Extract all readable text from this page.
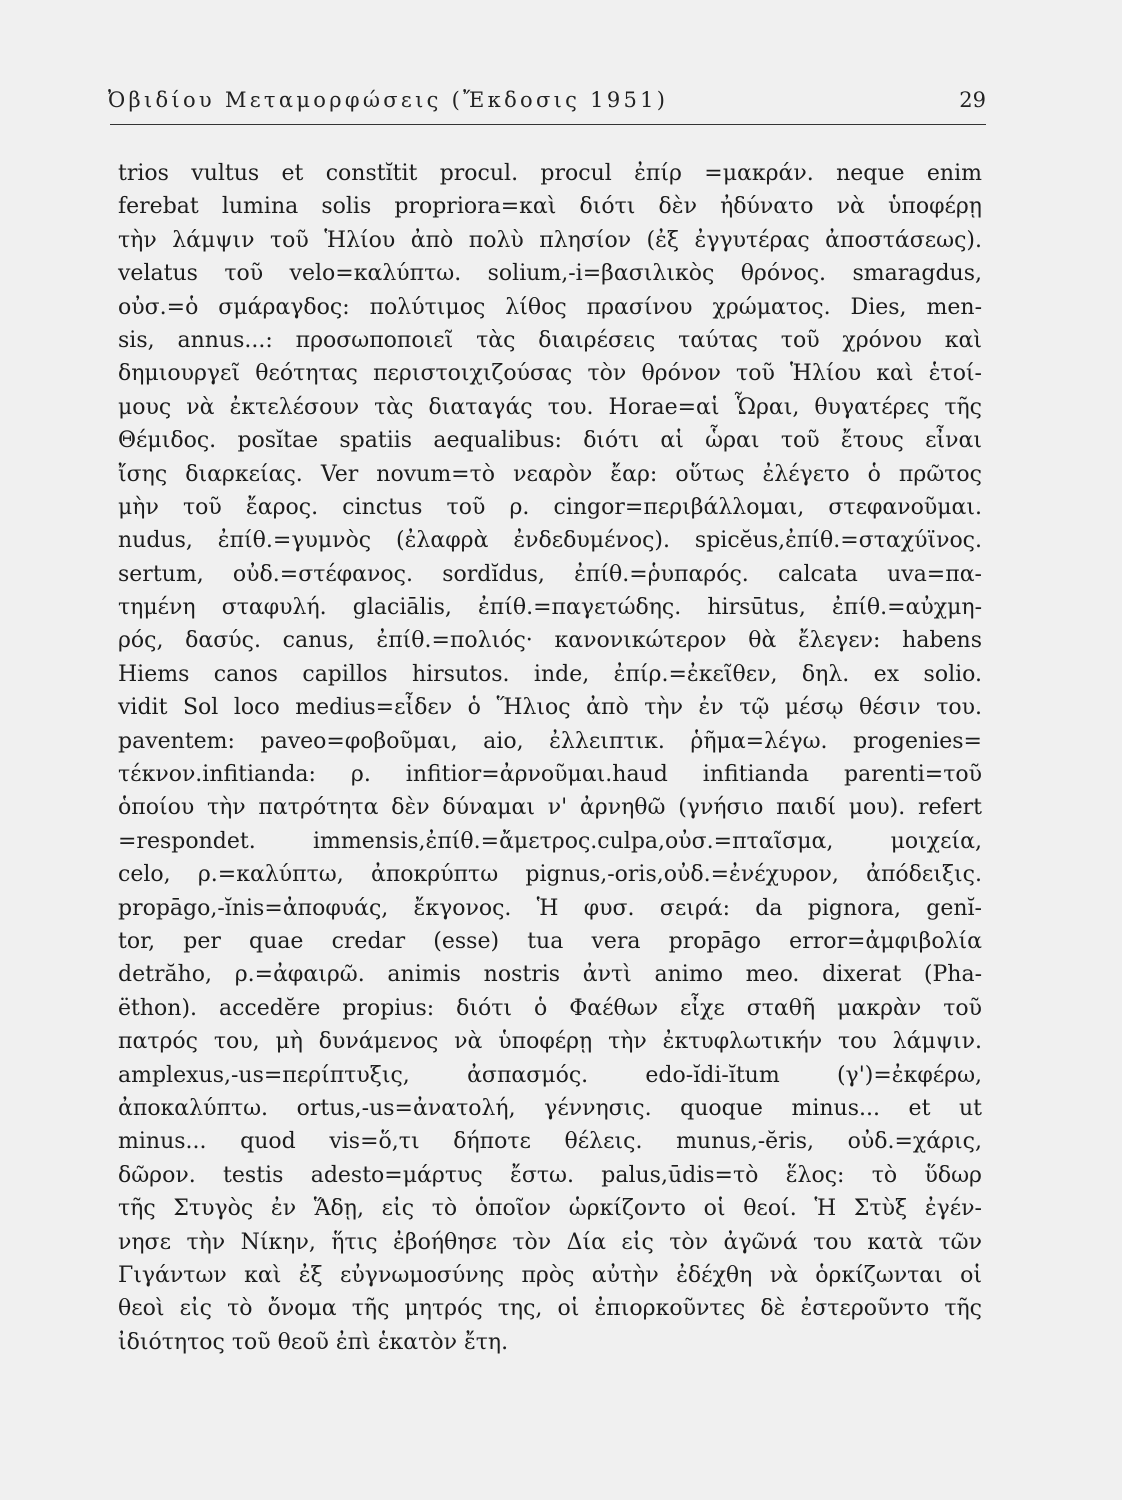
Ὀβιδίου Μεταμορφώσεις (Ἔκδοσις 1951)	29
trios vultus et constĭtit procul. procul ἐπίρ =μακράν. neque enim
ferebat lumina solis propriora=καὶ διότι δὲν ἠδύνατο νὰ ὑποφέρῃ
τὴν λάμψιν τοῦ Ἡλίου ἀπὸ πολὺ πλησίον (ἐξ ἐγγυτέρας ἀποστάσεως).
velatus τοῦ velo=καλύπτω. solium,-i=βασιλικὸς θρόνος. smaragdus,
οὐσ.=ὁ σμάραγδος: πολύτιμος λίθος πρασίνου χρώματος. Dies, men-
sis, annus...: προσωποποιεῖ τὰς διαιρέσεις ταύτας τοῦ χρόνου καὶ
δημιουργεῖ θεότητας περιστοιχιζούσας τὸν θρόνον τοῦ Ἡλίου καὶ ἑτοί-
μους νὰ ἐκτελέσουν τὰς διαταγάς του. Horae=αἱ Ὧραι, θυγατέρες τῆς
Θέμιδος. posĭtae spatiis aequalibus: διότι αἱ ὧραι τοῦ ἔτους εἶναι
ἴσης διαρκείας. Ver novum=τὸ νεαρὸν ἔαρ: οὕτως ἐλέγετο ὁ πρῶτος
μὴν τοῦ ἔαρος. cinctus τοῦ ρ. cingor=περιβάλλομαι, στεφανοῦμαι.
nudus, ἐπίθ.=γυμνὸς (ἐλαφρὰ ἐνδεδυμένος). spicĕus,ἐπίθ.=σταχύϊνος.
sertum, οὐδ.=στέφανος. sordĭdus, ἐπίθ.=ῥυπαρός. calcata uva=πα-
τημένη σταφυλή. glaciālis, ἐπίθ.=παγετώδης. hirsūtus, ἐπίθ.=αὐχμη-
ρός, δασύς. canus, ἐπίθ.=πολιός· κανονικώτερον θὰ ἔλεγεν: habens
Hiems canos capillos hirsutos. inde, ἐπίρ.=ἐκεῖθεν, δηλ. ex solio.
vidit Sol loco medius=εἶδεν ὁ Ἥλιος ἀπὸ τὴν ἐν τῷ μέσῳ θέσιν του.
paventem: paveo=φοβοῦμαι, aio, ἐλλειπτικ. ῥῆμα=λέγω. progenies=
τέκνον.infitianda: ρ. infitior=ἀρνοῦμαι.haud infitianda parenti=τοῦ
ὁποίου τὴν πατρότητα δὲν δύναμαι ν' ἀρνηθῶ (γνήσιο παιδί μου). refert
=respondet. immensis,ἐπίθ.=ἄμετρος.culpa,οὐσ.=πταῖσμα, μοιχεία,
celo, ρ.=καλύπτω, ἀποκρύπτω pignus,-oris,οὐδ.=ἐνέχυρον, ἀπόδειξις.
propāgo,-ĭnis=ἀποφυάς, ἔκγονος. Ἡ φυσ. σειρά: da pignora, genĭ-
tor, per quae credar (esse) tua vera propāgo error=ἀμφιβολία
detrăho, ρ.=ἀφαιρῶ. animis nostris ἀντὶ animo meo. dixerat (Pha-
ëthon). accedĕre propius: διότι ὁ Φαέθων εἶχε σταθῆ μακρὰν τοῦ
πατρός του, μὴ δυνάμενος νὰ ὑποφέρῃ τὴν ἐκτυφλωτικήν του λάμψιν.
amplexus,-us=περίπτυξις, ἀσπασμός. edo-ĭdi-ĭtum (γ')=ἐκφέρω,
ἀποκαλύπτω. ortus,-us=ἀνατολή, γέννησις. quoque minus... et ut
minus... quod vis=ὅ,τι δήποτε θέλεις. munus,-ĕris, οὐδ.=χάρις,
δῶρον. testis adesto=μάρτυς ἔστω. palus,ūdis=τὸ ἕλος: τὸ ὕδωρ
τῆς Στυγὸς ἐν Ἅδῃ, εἰς τὸ ὁποῖον ὡρκίζοντο οἱ θεοί. Ἡ Στὺξ ἐγέν-
νησε τὴν Νίκην, ἥτις ἐβοήθησε τὸν Δία εἰς τὸν ἀγῶνά του κατὰ τῶν
Γιγάντων καὶ ἐξ εὐγνωμοσύνης πρὸς αὐτὴν ἐδέχθη νὰ ὁρκίζωνται οἱ
θεοὶ εἰς τὸ ὄνομα τῆς μητρός της, οἱ ἐπιορκοῦντες δὲ ἐστεροῦντο τῆς
ἰδιότητος τοῦ θεοῦ ἐπὶ ἑκατὸν ἔτη.
